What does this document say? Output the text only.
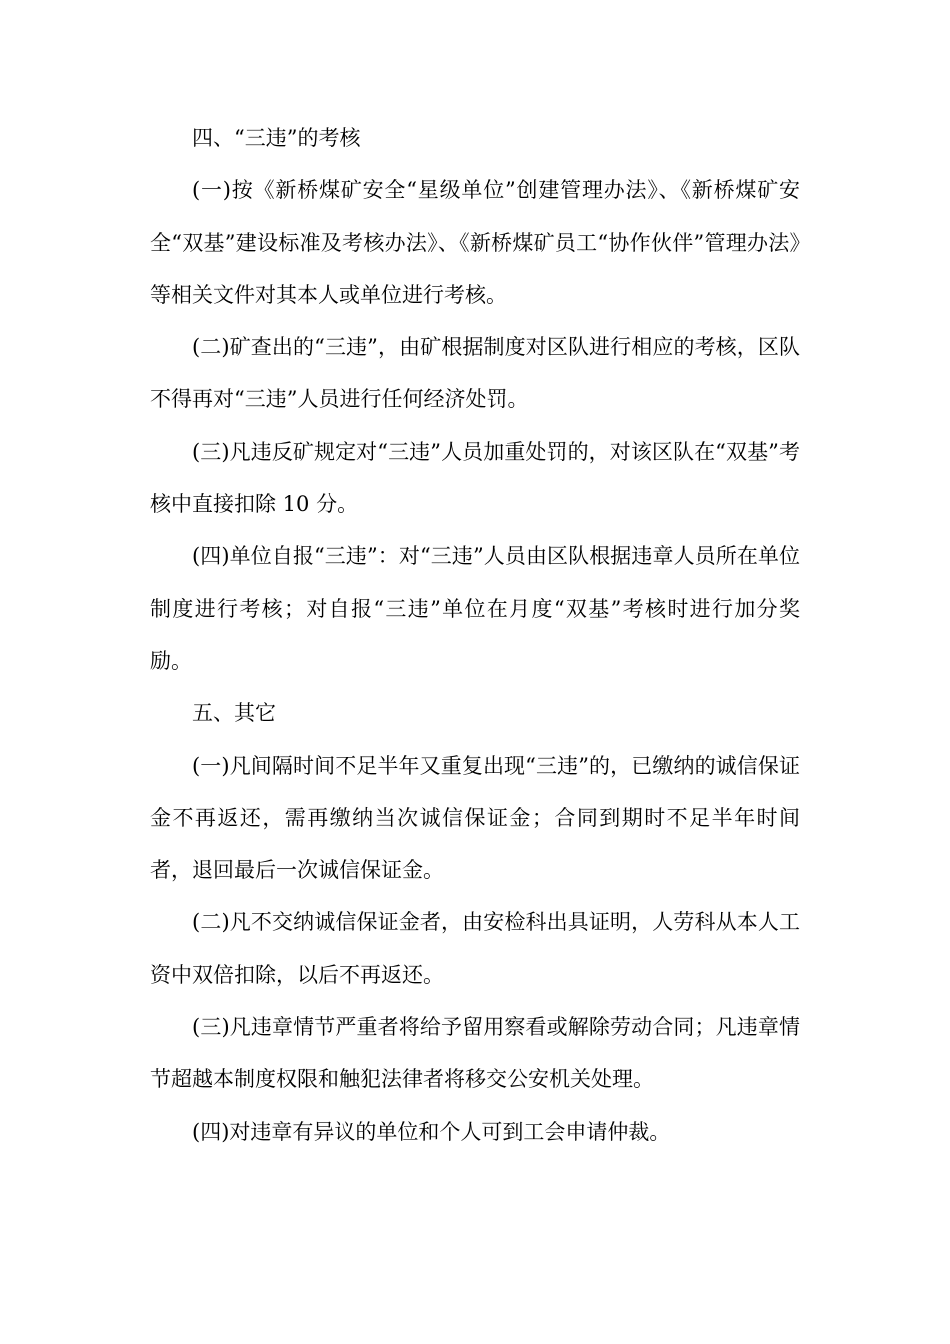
四、“三违”的考核

(一)按《新桥煤矿安全“星级单位”创建管理办法》、《新桥煤矿安全“双基”建设标准及考核办法》、《新桥煤矿员工“协作伙伴”管理办法》等相关文件对其本人或单位进行考核。

(二)矿查出的“三违”，由矿根据制度对区队进行相应的考核，区队不得再对“三违”人员进行任何经济处罚。

(三)凡违反矿规定对“三违”人员加重处罚的，对该区队在“双基”考核中直接扣除 10 分。

(四)单位自报“三违”：对“三违”人员由区队根据违章人员所在单位制度进行考核；对自报“三违”单位在月度“双基”考核时进行加分奖励。

五、其它

(一)凡间隔时间不足半年又重复出现“三违”的，已缴纳的诚信保证金不再返还，需再缴纳当次诚信保证金；合同到期时不足半年时间者，退回最后一次诚信保证金。

(二)凡不交纳诚信保证金者，由安检科出具证明，人劳科从本人工资中双倍扣除，以后不再返还。

(三)凡违章情节严重者将给予留用察看或解除劳动合同；凡违章情节超越本制度权限和触犯法律者将移交公安机关处理。

(四)对违章有异议的单位和个人可到工会申请仲裁。
